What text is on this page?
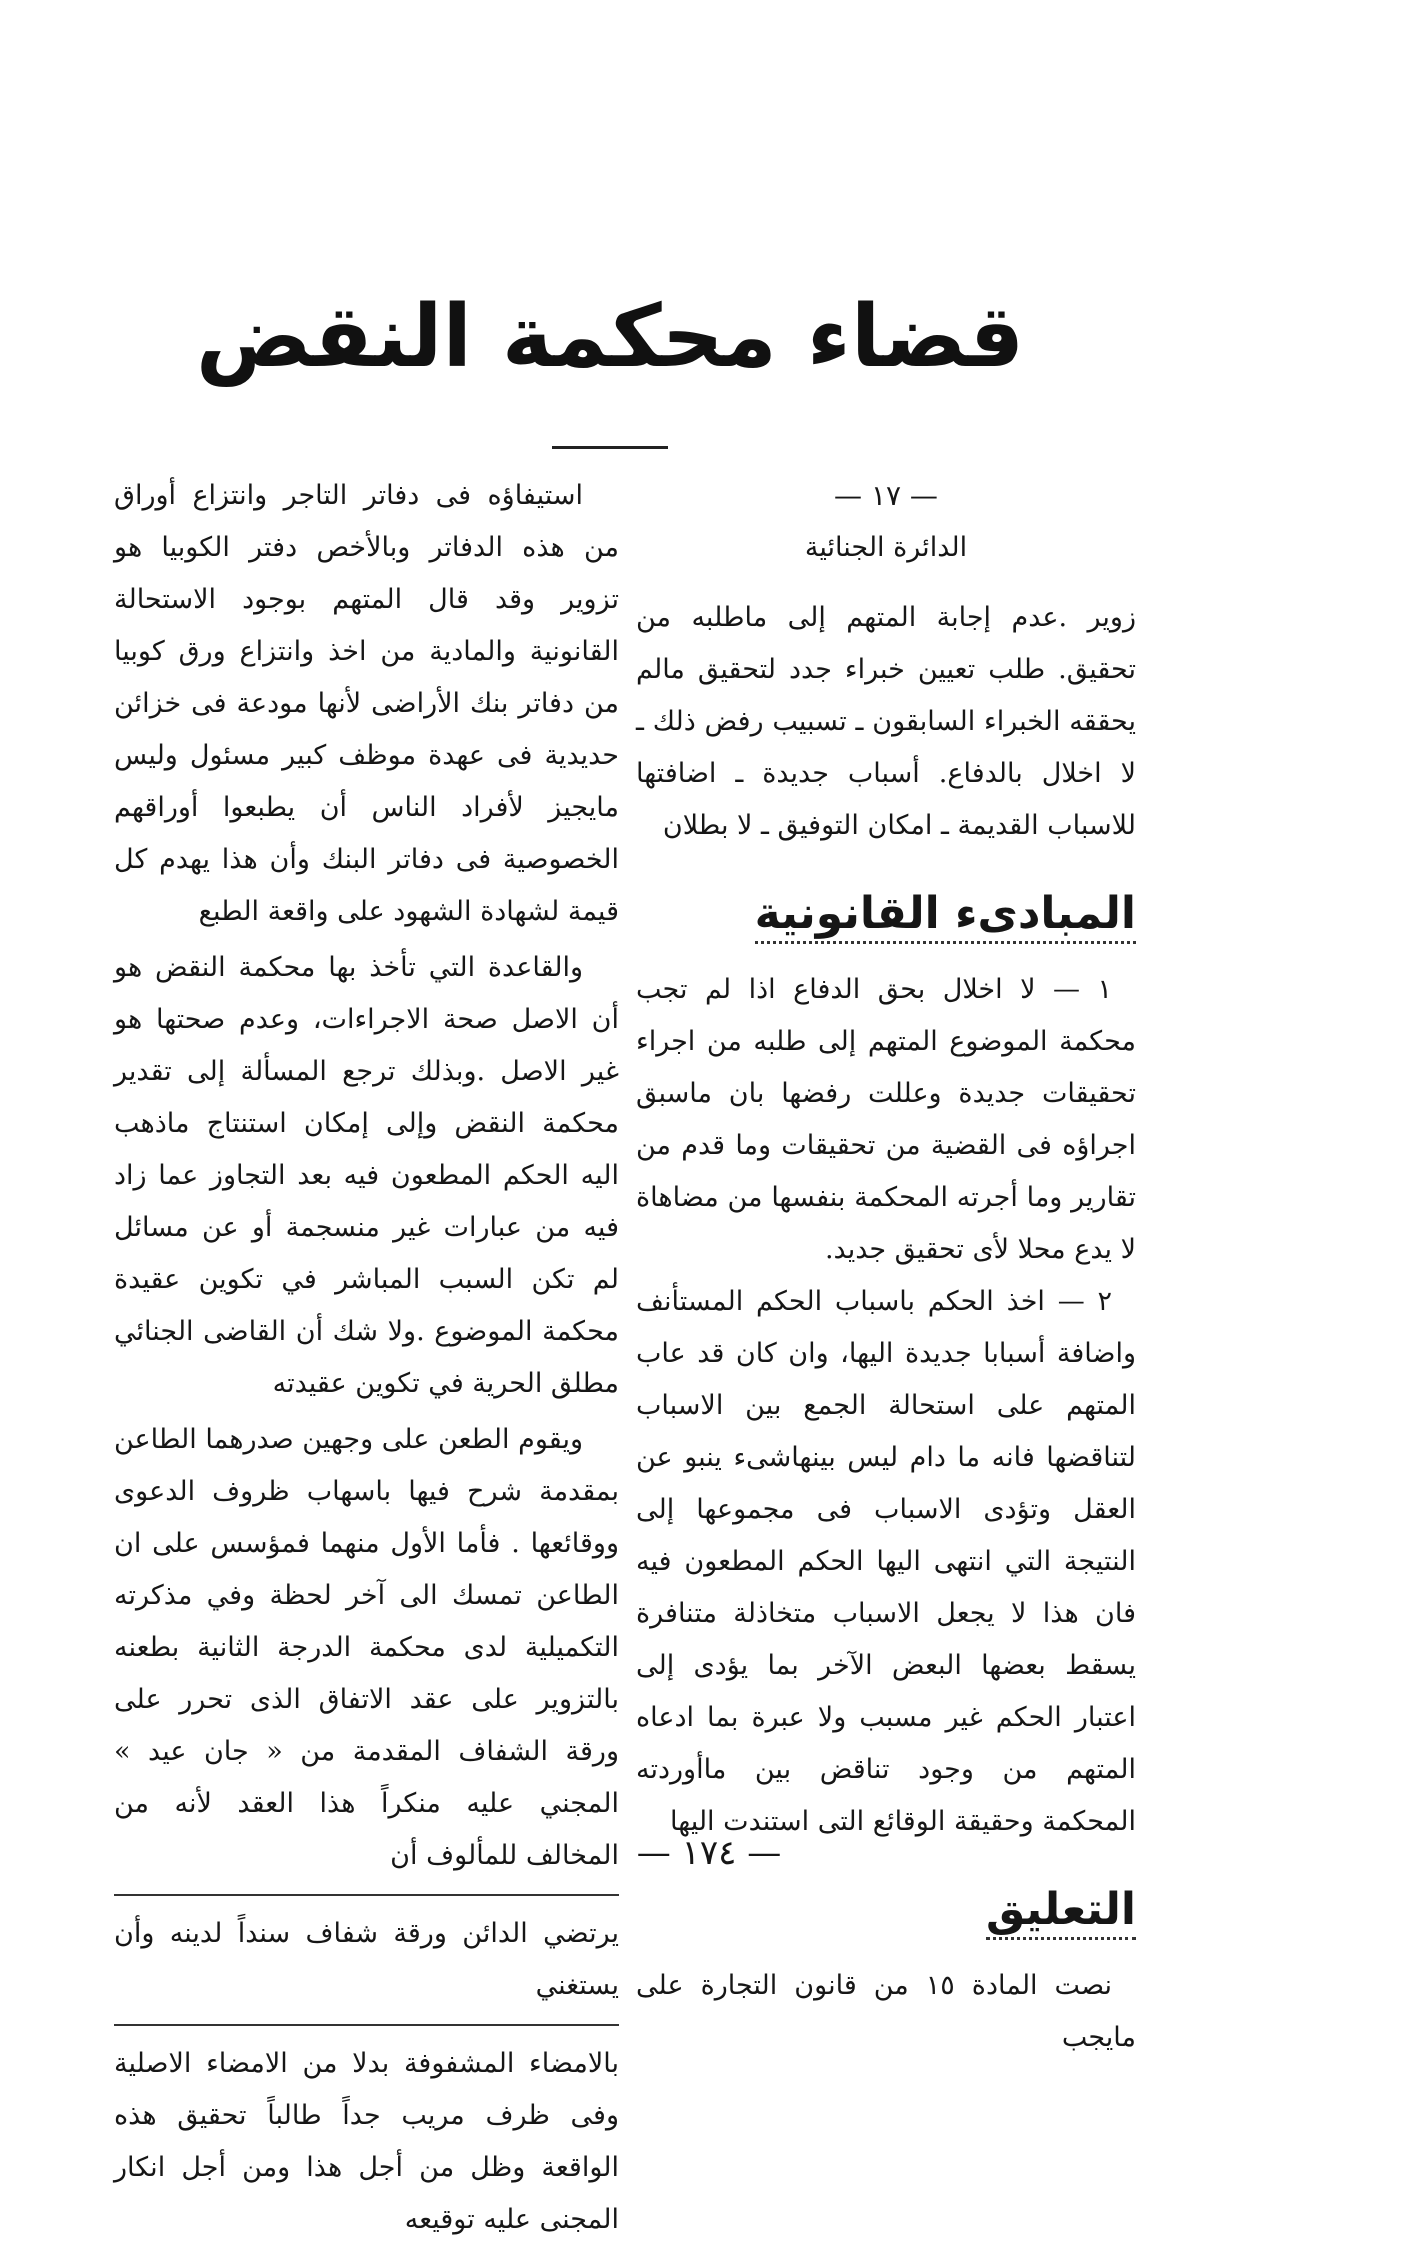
قضاء محكمة النقض

— ١٧ —

الدائرة الجنائية

زوير .عدم إجابة المتهم إلى ماطلبه من تحقيق. طلب تعيين خبراء جدد لتحقيق مالم يحققه الخبراء السابقون ـ تسبيب رفض ذلك ـ لا اخلال بالدفاع. أسباب جديدة ـ اضافتها للاسباب القديمة ـ امكان التوفيق ـ لا بطلان

المبادىء القانونية

١ — لا اخلال بحق الدفاع اذا لم تجب محكمة الموضوع المتهم إلى طلبه من اجراء تحقيقات جديدة وعللت رفضها بان ماسبق اجراؤه فى القضية من تحقيقات وما قدم من تقارير وما أجرته المحكمة بنفسها من مضاهاة لا يدع محلا لأى تحقيق جديد.

٢ — اخذ الحكم باسباب الحكم المستأنف واضافة أسبابا جديدة اليها، وان كان قد عاب المتهم على استحالة الجمع بين الاسباب لتناقضها فانه ما دام ليس بينهاشىء ينبو عن العقل وتؤدى الاسباب فى مجموعها إلى النتيجة التي انتهى اليها الحكم المطعون فيه فان هذا لا يجعل الاسباب متخاذلة متنافرة يسقط بعضها البعض الآخر بما يؤدى إلى اعتبار الحكم غير مسبب ولا عبرة بما ادعاه المتهم من وجود تناقض بين ماأوردته المحكمة وحقيقة الوقائع التى استندت اليها

التعليق

نصت المادة ١٥ من قانون التجارة على مايجب

استيفاؤه فى دفاتر التاجر وانتزاع أوراق من هذه الدفاتر وبالأخص دفتر الكوبيا هو تزوير وقد قال المتهم بوجود الاستحالة القانونية والمادية من اخذ وانتزاع ورق كوبيا من دفاتر بنك الأراضى لأنها مودعة فى خزائن حديدية فى عهدة موظف كبير مسئول وليس مايجيز لأفراد الناس أن يطبعوا أوراقهم الخصوصية فى دفاتر البنك وأن هذا يهدم كل قيمة لشهادة الشهود على واقعة الطبع

والقاعدة التي تأخذ بها محكمة النقض هو أن الاصل صحة الاجراءات، وعدم صحتها هو غير الاصل .وبذلك ترجع المسألة إلى تقدير محكمة النقض وإلى إمكان استنتاج ماذهب اليه الحكم المطعون فيه بعد التجاوز عما زاد فيه من عبارات غير منسجمة أو عن مسائل لم تكن السبب المباشر في تكوين عقيدة محكمة الموضوع .ولا شك أن القاضى الجنائي مطلق الحرية في تكوين عقيدته

ويقوم الطعن على وجهين صدرهما الطاعن بمقدمة شرح فيها باسهاب ظروف الدعوى ووقائعها . فأما الأول منهما فمؤسس على ان الطاعن تمسك الى آخر لحظة وفي مذكرته التكميلية لدى محكمة الدرجة الثانية بطعنه بالتزوير على عقد الاتفاق الذى تحرر على ورقة الشفاف المقدمة من « جان عيد » المجني عليه منكراً هذا العقد لأنه من المخالف للمألوف أن

يرتضي الدائن ورقة شفاف سنداً لدينه وأن يستغني

بالامضاء المشفوفة بدلا من الامضاء الاصلية وفى ظرف مريب جداً طالباً تحقيق هذه الواقعة وظل من أجل هذا ومن أجل انكار المجنى عليه توقيعه

— ١٧٤ —
